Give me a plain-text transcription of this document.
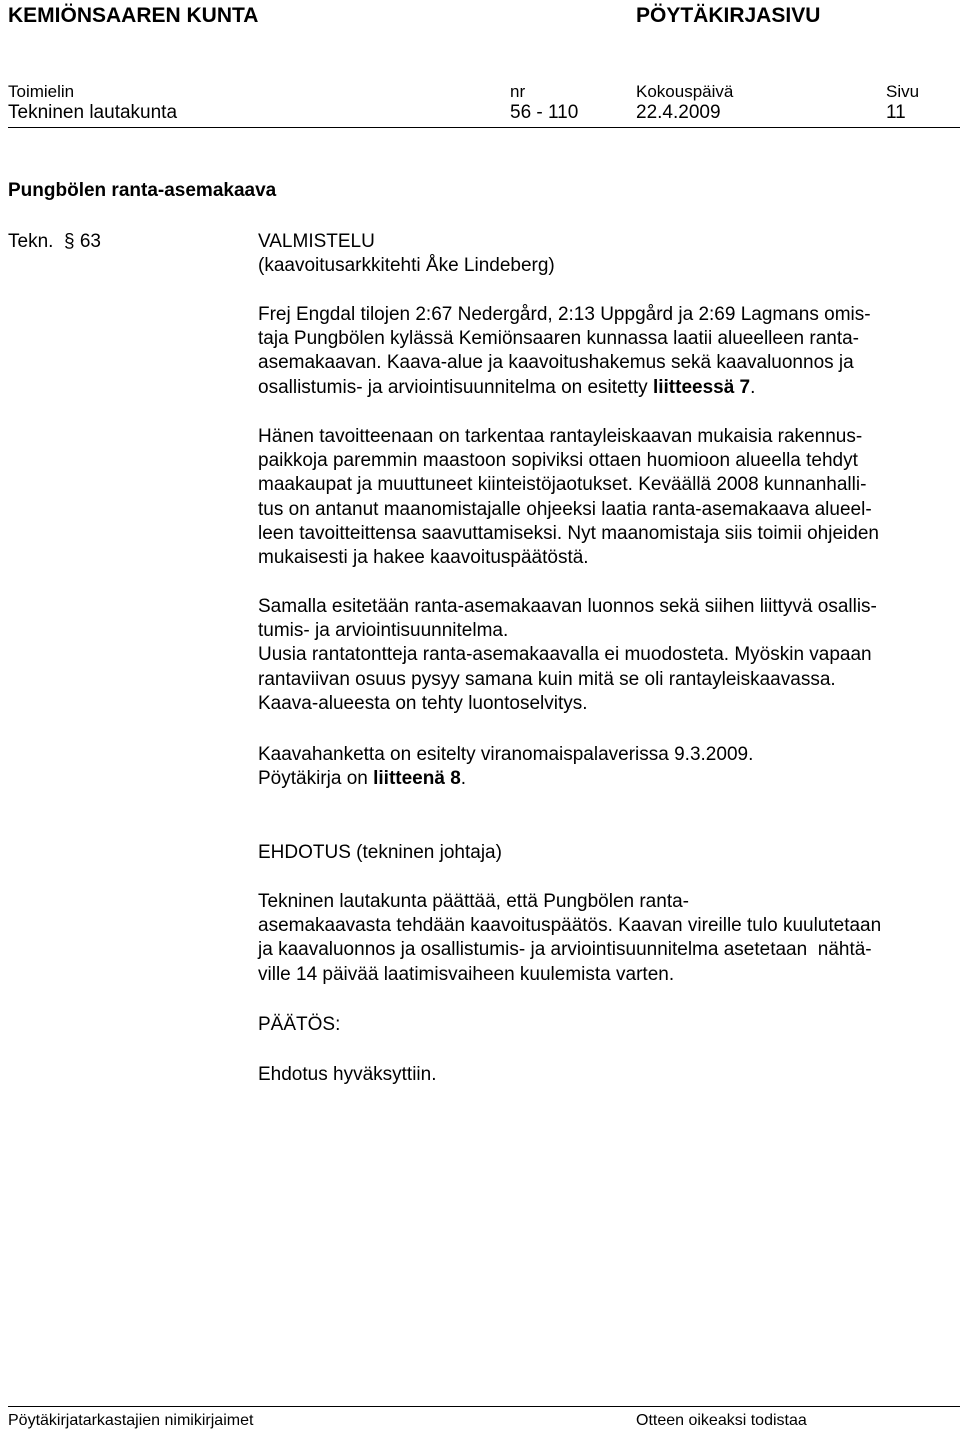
KEMIÖNSAAREN KUNTA	PÖYTÄKIRJASIVU
Toimielin	nr	Kokouspäivä	Sivu
Tekninen lautakunta	56 - 110	22.4.2009	11
Pungbölen ranta-asemakaava
Tekn.  § 63	VALMISTELU
(kaavoitusarkkitehti Åke Lindeberg)
Frej Engdal tilojen 2:67 Nedergård, 2:13 Uppgård ja 2:69 Lagmans omis-
taja Pungbölen kylässä Kemiönsaaren kunnassa laatii alueelleen ranta-
asemakaavan. Kaava-alue ja kaavoitushakemus sekä kaavaluonnos ja
osallistumis- ja arviointisuunnitelma on esitetty liitteessä 7.
Hänen tavoitteenaan on tarkentaa rantayleiskaavan mukaisia rakennus-
paikkoja paremmin maastoon sopiviksi ottaen huomioon alueella tehdyt
maakaupat ja muuttuneet kiinteistöjaotukset. Keväällä 2008 kunnanhalli-
tus on antanut maanomistajalle ohjeeksi laatia ranta-asemakaava alueel-
leen tavoitteittensa saavuttamiseksi. Nyt maanomistaja siis toimii ohjeiden
mukaisesti ja hakee kaavoituspäätöstä.
Samalla esitetään ranta-asemakaavan luonnos sekä siihen liittyvä osallis-
tumis- ja arviointisuunnitelma.
Uusia rantatontteja ranta-asemakaavalla ei muodosteta. Myöskin vapaan
rantaviivan osuus pysyy samana kuin mitä se oli rantayleiskaavassa.
Kaava-alueesta on tehty luontoselvitys.
Kaavahanketta on esitelty viranomaispalaverissa 9.3.2009.
Pöytäkirja on liitteenä 8.
EHDOTUS (tekninen johtaja)
Tekninen lautakunta päättää, että Pungbölen ranta-
asemakaavasta tehdään kaavoituspäätös. Kaavan vireille tulo kuulutetaan
ja kaavaluonnos ja osallistumis- ja arviointisuunnitelma asetetaan  nähtä-
ville 14 päivää laatimisvaiheen kuulemista varten.
PÄÄTÖS:
Ehdotus hyväksyttiin.
Pöytäkirjatarkastajien nimikirjaimet	Otteen oikeaksi todistaa
